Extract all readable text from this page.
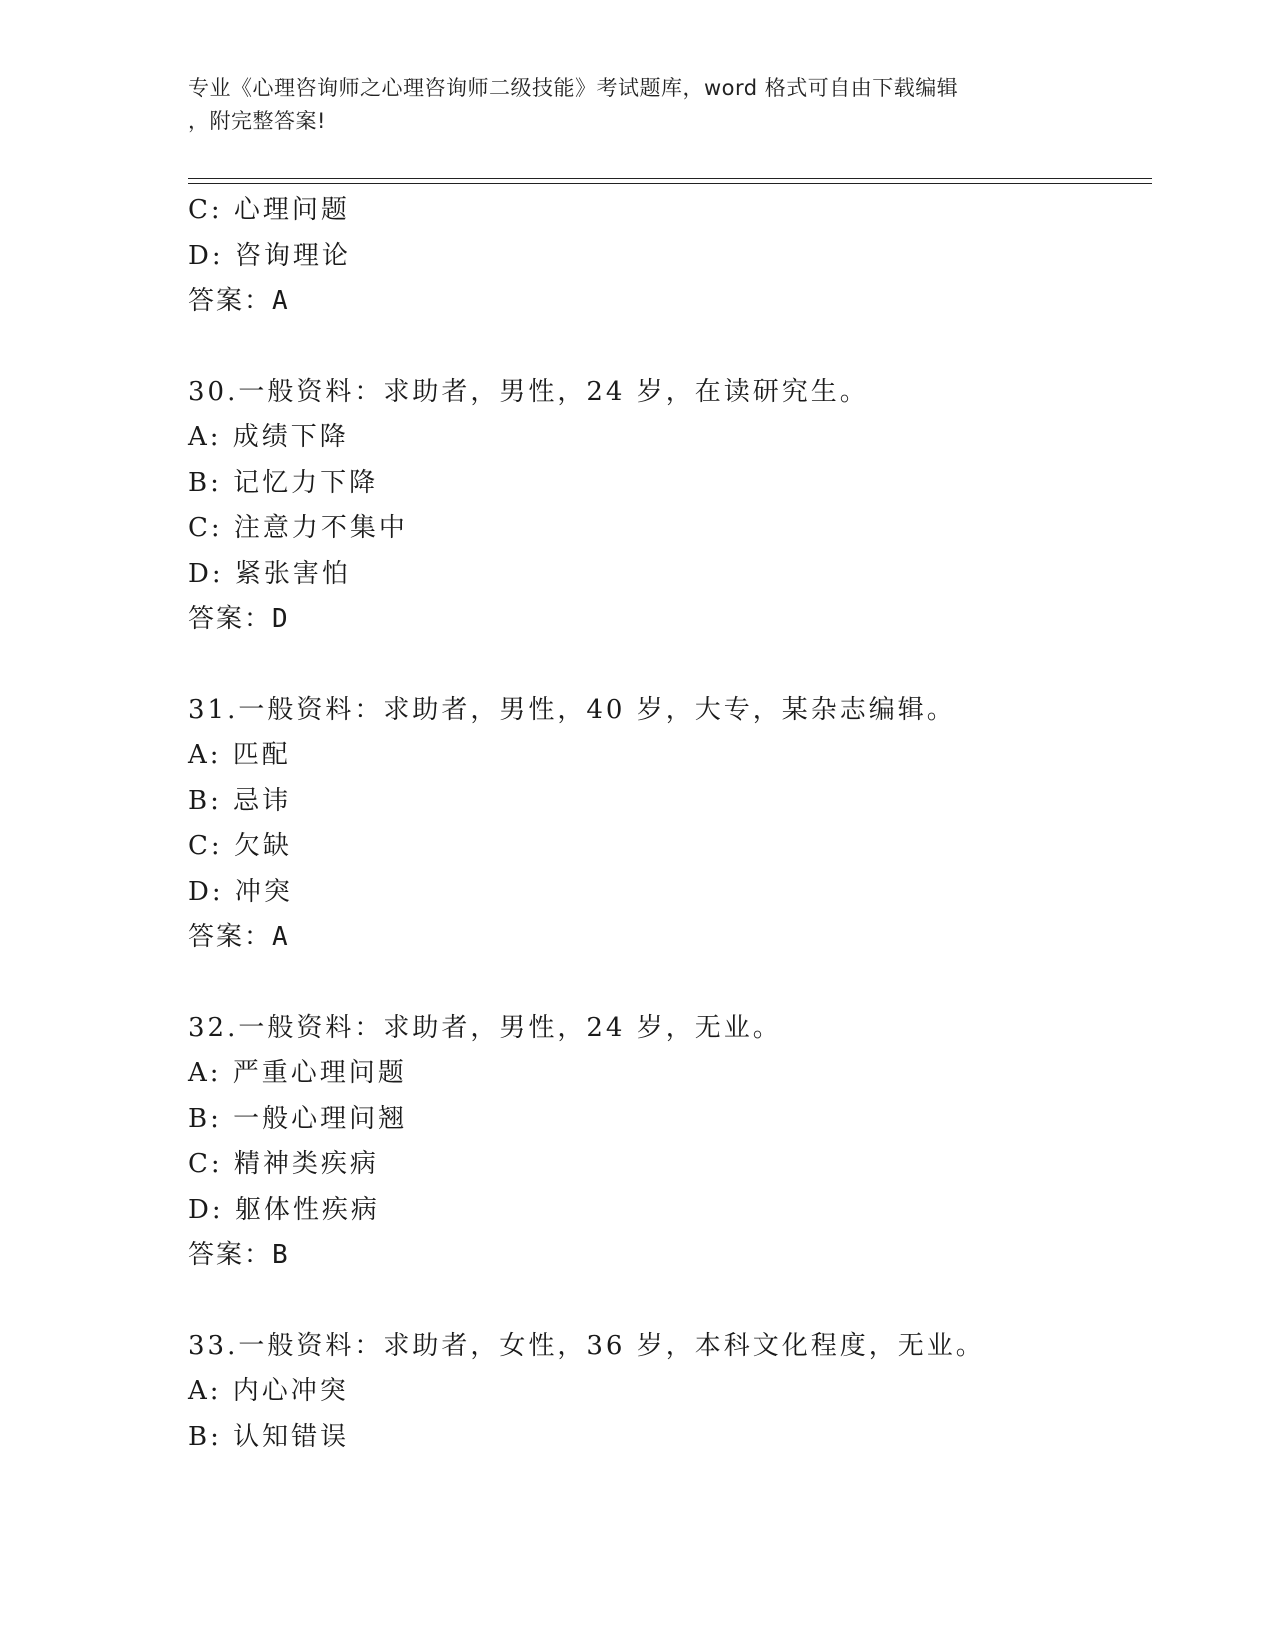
专业《心理咨询师之心理咨询师二级技能》考试题库，word 格式可自由下载编辑
，附完整答案!
C: 心理问题
D: 咨询理论
答案：A
30.一般资料：求助者，男性，24 岁，在读研究生。
A: 成绩下降
B: 记忆力下降
C: 注意力不集中
D: 紧张害怕
答案：D
31.一般资料：求助者，男性，40 岁，大专，某杂志编辑。
A: 匹配
B: 忌讳
C: 欠缺
D: 冲突
答案：A
32.一般资料：求助者，男性，24 岁，无业。
A: 严重心理问题
B: 一般心理问翘
C: 精神类疾病
D: 躯体性疾病
答案：B
33.一般资料：求助者，女性，36 岁，本科文化程度，无业。
A: 内心冲突
B: 认知错误
